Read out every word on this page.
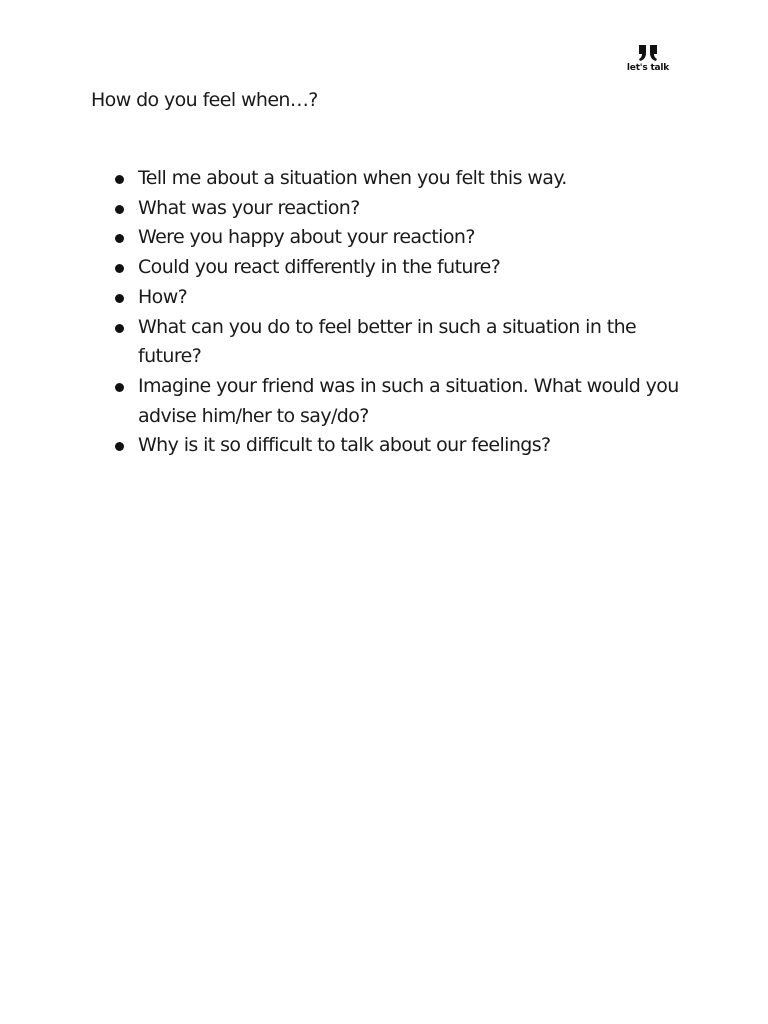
let's talk
How do you feel when…?
Tell me about a situation when you felt this way.
What was your reaction?
Were you happy about your reaction?
Could you react differently in the future?
How?
What can you do to feel better in such a situation in the future?
Imagine your friend was in such a situation. What would you advise him/her to say/do?
Why is it so difficult to talk about our feelings?
